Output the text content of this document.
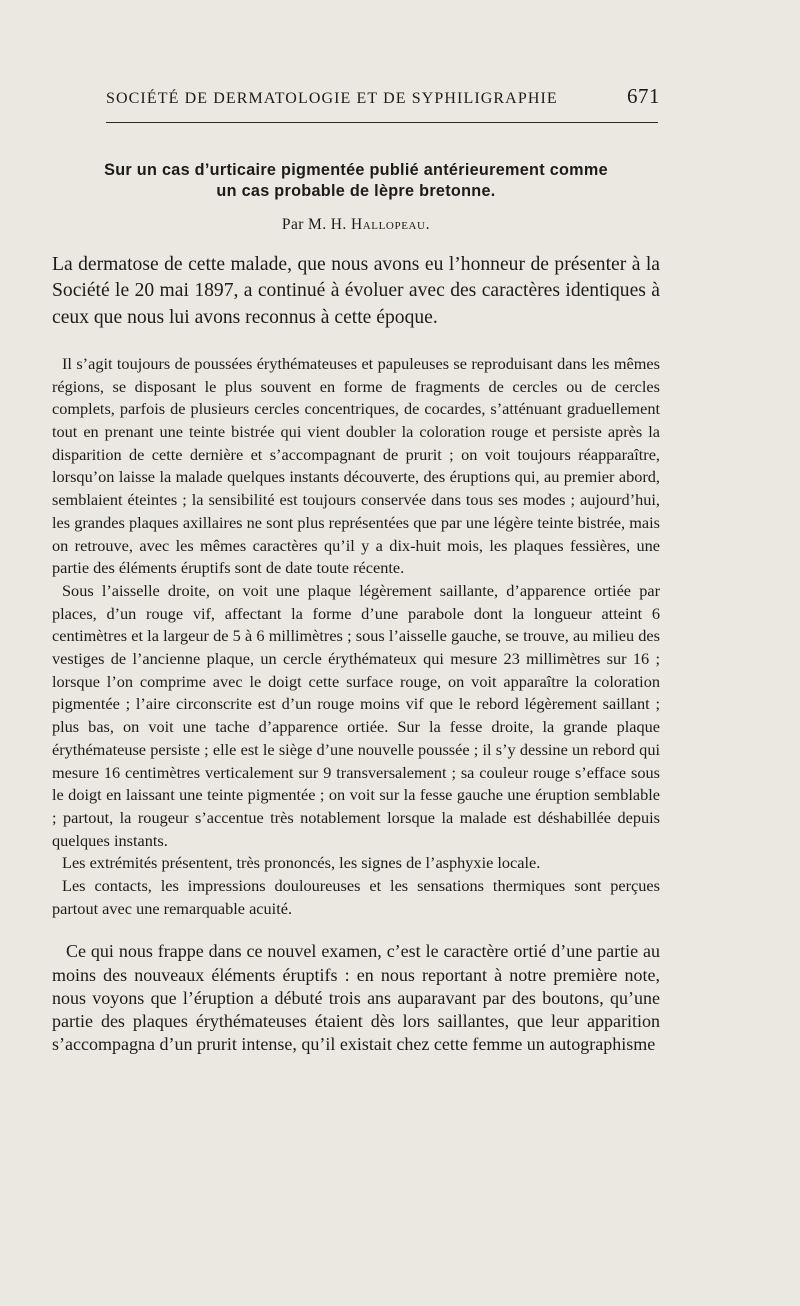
SOCIÉTÉ DE DERMATOLOGIE ET DE SYPHILIGRAPHIE	671
Sur un cas d’urticaire pigmentée publié antérieurement comme
un cas probable de lèpre bretonne.
Par M. H. Hallopeau.

La dermatose de cette malade, que nous avons eu l’honneur de présenter à la Société le 20 mai 1897, a continué à évoluer avec des caractères identiques à ceux que nous lui avons reconnus à cette époque.

Il s’agit toujours de poussées érythémateuses et papuleuses se reproduisant dans les mêmes régions, se disposant le plus souvent en forme de fragments de cercles ou de cercles complets, parfois de plusieurs cercles concentriques, de cocardes, s’atténuant graduellement tout en prenant une teinte bistrée qui vient doubler la coloration rouge et persiste après la disparition de cette dernière et s’accompagnant de prurit ; on voit toujours réapparaître, lorsqu’on laisse la malade quelques instants découverte, des éruptions qui, au premier abord, semblaient éteintes ; la sensibilité est toujours conservée dans tous ses modes ; aujourd’hui, les grandes plaques axillaires ne sont plus représentées que par une légère teinte bistrée, mais on retrouve, avec les mêmes caractères qu’il y a dix-huit mois, les plaques fessières, une partie des éléments éruptifs sont de date toute récente.

Sous l’aisselle droite, on voit une plaque légèrement saillante, d’apparence ortiée par places, d’un rouge vif, affectant la forme d’une parabole dont la longueur atteint 6 centimètres et la largeur de 5 à 6 millimètres ; sous l’aisselle gauche, se trouve, au milieu des vestiges de l’ancienne plaque, un cercle érythémateux qui mesure 23 millimètres sur 16 ; lorsque l’on comprime avec le doigt cette surface rouge, on voit apparaître la coloration pigmentée ; l’aire circonscrite est d’un rouge moins vif que le rebord légèrement saillant ; plus bas, on voit une tache d’apparence ortiée. Sur la fesse droite, la grande plaque érythémateuse persiste ; elle est le siège d’une nouvelle poussée ; il s’y dessine un rebord qui mesure 16 centimètres verticalement sur 9 transversalement ; sa couleur rouge s’efface sous le doigt en laissant une teinte pigmentée ; on voit sur la fesse gauche une éruption semblable ; partout, la rougeur s’accentue très notablement lorsque la malade est déshabillée depuis quelques instants.

Les extrémités présentent, très prononcés, les signes de l’asphyxie locale.

Les contacts, les impressions douloureuses et les sensations thermiques sont perçues partout avec une remarquable acuité.

Ce qui nous frappe dans ce nouvel examen, c’est le caractère ortié d’une partie au moins des nouveaux éléments éruptifs : en nous reportant à notre première note, nous voyons que l’éruption a débuté trois ans auparavant par des boutons, qu’une partie des plaques érythémateuses étaient dès lors saillantes, que leur apparition s’accompagna d’un prurit intense, qu’il existait chez cette femme un autographisme
